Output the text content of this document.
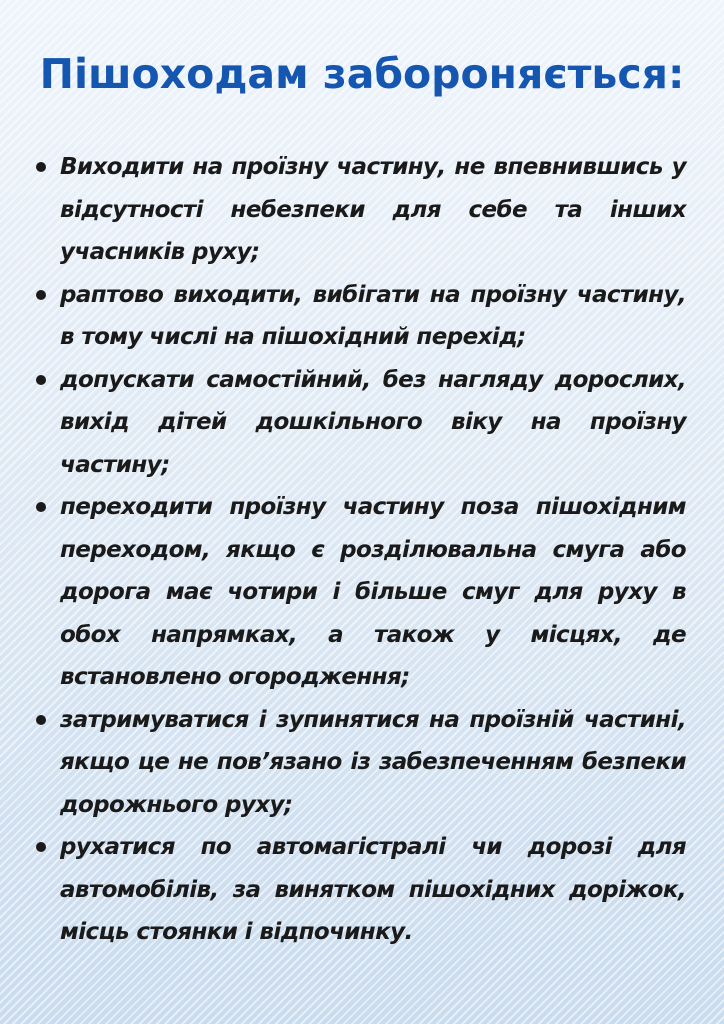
Пішоходам забороняється:
Виходити на проїзну частину, не впевнившись у відсутності небезпеки для себе та інших учасників руху;
раптово виходити, вибігати на проїзну частину, в тому числі на пішохідний перехід;
допускати самостійний, без нагляду дорослих, вихід дітей дошкільного віку на проїзну частину;
переходити проїзну частину поза пішохідним переходом, якщо є розділювальна смуга або дорога має чотири і більше смуг для руху в обох напрямках, а також у місцях, де встановлено огородження;
затримуватися і зупинятися на проїзній частині, якщо це не пов’язано із забезпеченням безпеки дорожнього руху;
рухатися по автомагістралі чи дорозі для автомобілів, за винятком пішохідних доріжок, місць стоянки і відпочинку.
